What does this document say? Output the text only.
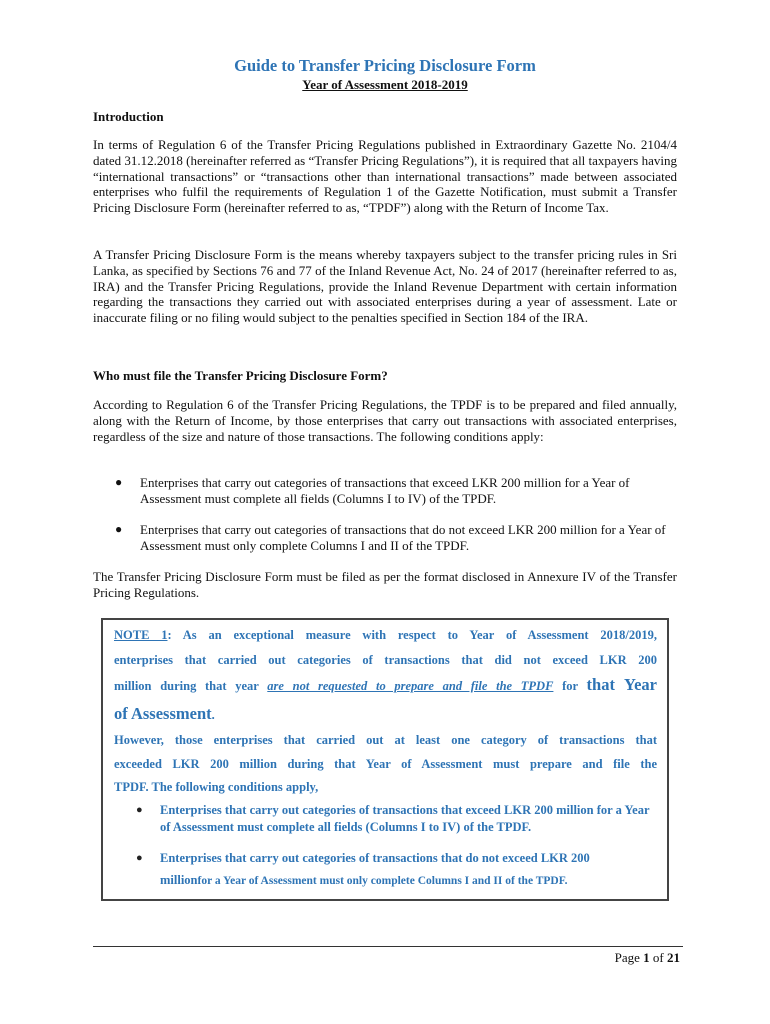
Guide to Transfer Pricing Disclosure Form
Year of Assessment 2018-2019
Introduction

In terms of Regulation 6 of the Transfer Pricing Regulations published in Extraordinary Gazette No. 2104/4 dated 31.12.2018 (hereinafter referred as “Transfer Pricing Regulations”), it is required that all taxpayers having “international transactions” or “transactions other than international transactions” made between associated enterprises who fulfil the requirements of Regulation 1 of the Gazette Notification, must submit a Transfer Pricing Disclosure Form (hereinafter referred to as, “TPDF”) along with the Return of Income Tax.

A Transfer Pricing Disclosure Form is the means whereby taxpayers subject to the transfer pricing rules in Sri Lanka, as specified by Sections 76 and 77 of the Inland Revenue Act, No. 24 of 2017 (hereinafter referred to as, IRA) and the Transfer Pricing Regulations, provide the Inland Revenue Department with certain information regarding the transactions they carried out with associated enterprises during a year of assessment. Late or inaccurate filing or no filing would subject to the penalties specified in Section 184 of the IRA.

Who must file the Transfer Pricing Disclosure Form?

According to Regulation 6 of the Transfer Pricing Regulations, the TPDF is to be prepared and filed annually, along with the Return of Income, by those enterprises that carry out transactions with associated enterprises, regardless of the size and nature of those transactions. The following conditions apply:

● Enterprises that carry out categories of transactions that exceed LKR 200 million for a Year of Assessment must complete all fields (Columns I to IV) of the TPDF.
● Enterprises that carry out categories of transactions that do not exceed LKR 200 million for a Year of Assessment must only complete Columns I and II of the TPDF.

The Transfer Pricing Disclosure Form must be filed as per the format disclosed in Annexure IV of the Transfer Pricing Regulations.

NOTE 1: As an exceptional measure with respect to Year of Assessment 2018/2019,
enterprises that carried out categories of transactions that did not exceed LKR 200
million during that year are not requested to prepare and file the TPDF for that Year
of Assessment.
However, those enterprises that carried out at least one category of transactions that
exceeded LKR 200 million during that Year of Assessment must prepare and file the
TPDF. The following conditions apply,
● Enterprises that carry out categories of transactions that exceed LKR 200 million for a Year of Assessment must complete all fields (Columns I to IV) of the TPDF.
● Enterprises that carry out categories of transactions that do not exceed LKR 200
millionfor a Year of Assessment must only complete Columns I and II of the TPDF.
Page 1 of 21
